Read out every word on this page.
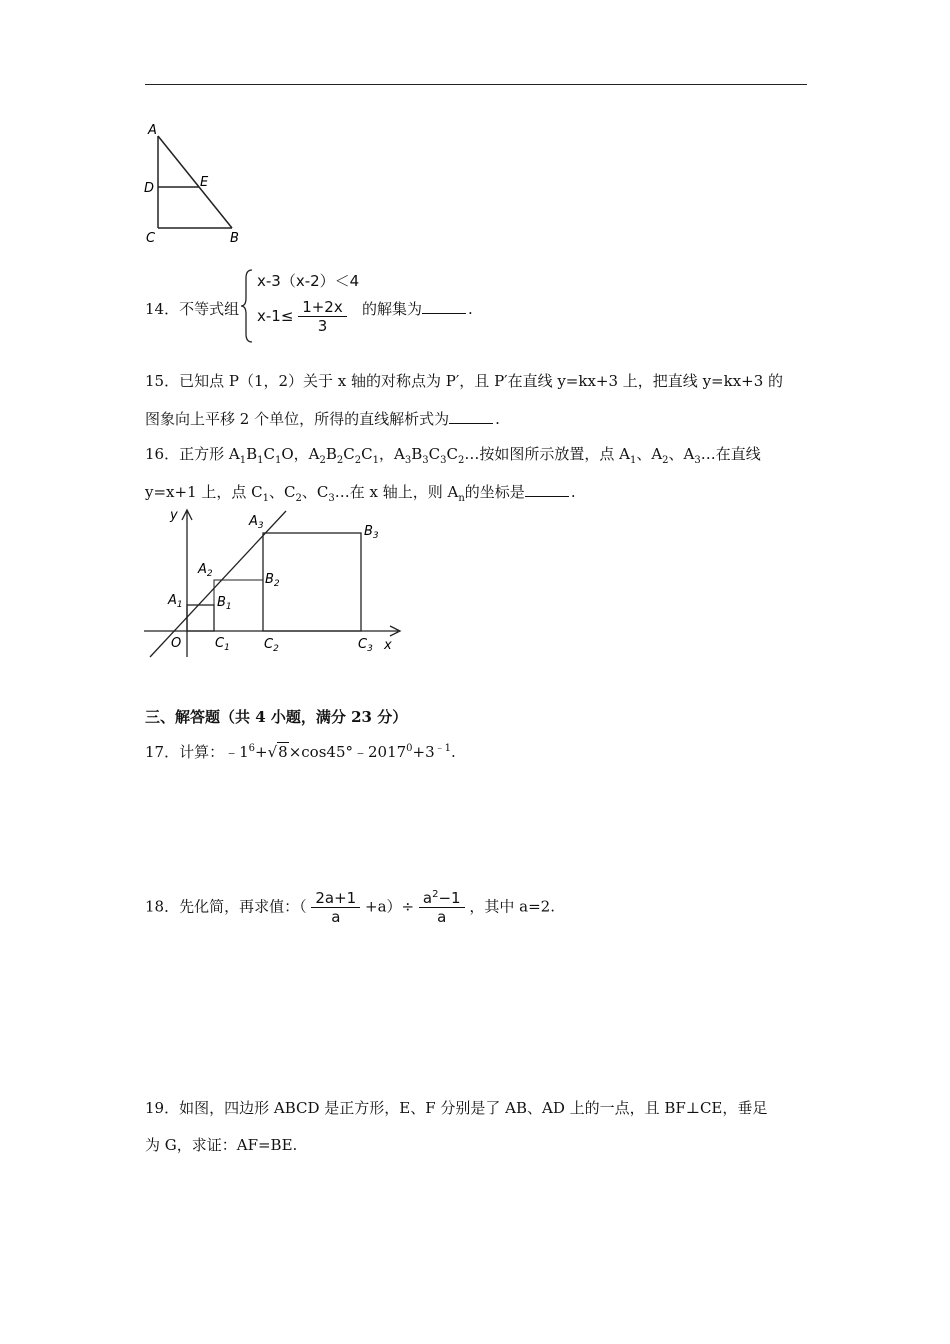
A
D	E
C	B
14．不等式组
x-3（x-2）＜4
$x-1\le \frac{1+2x}{3}$ 的解集为	.
15．已知点 P（1，2）关于 x 轴的对称点为 P′，且 P′在直线 y=kx+3 上，把直线 y=kx+3 的
图象向上平移 2 个单位，所得的直线解析式为	.
16．正方形 $A_1B_1C_1O$，$A_2B_2C_2C_1$，$A_3B_3C_3C_2\dots$按如图所示放置，点 $A_1$、$A_2$、$A_3\dots$在直线
y=x+1 上，点 $C_1$、$C_2$、$C_3\dots$在 x 轴上，则 $A_n$的坐标是	.
y
x
O
$A_1$
$A_2$
$A_3$
$B_1$
$B_2$
$B_3$
$C_1$	$C_2$	$C_3$
三、解答题（共 4 小题，满分 23 分）
17．计算：$﹣1^6+√8\times\cos 45^\circ﹣2017^0+3^{﹣1}$.
18．先化简，再求值：（ $\frac{2a+1}{a} +a)\div \frac{a^2-1}{a}$ ，其中 a=2.
19．如图，四边形 ABCD 是正方形，E、F 分别是了 AB、AD 上的一点，且 BF⊥CE，垂足
为 G，求证：AF=BE.
